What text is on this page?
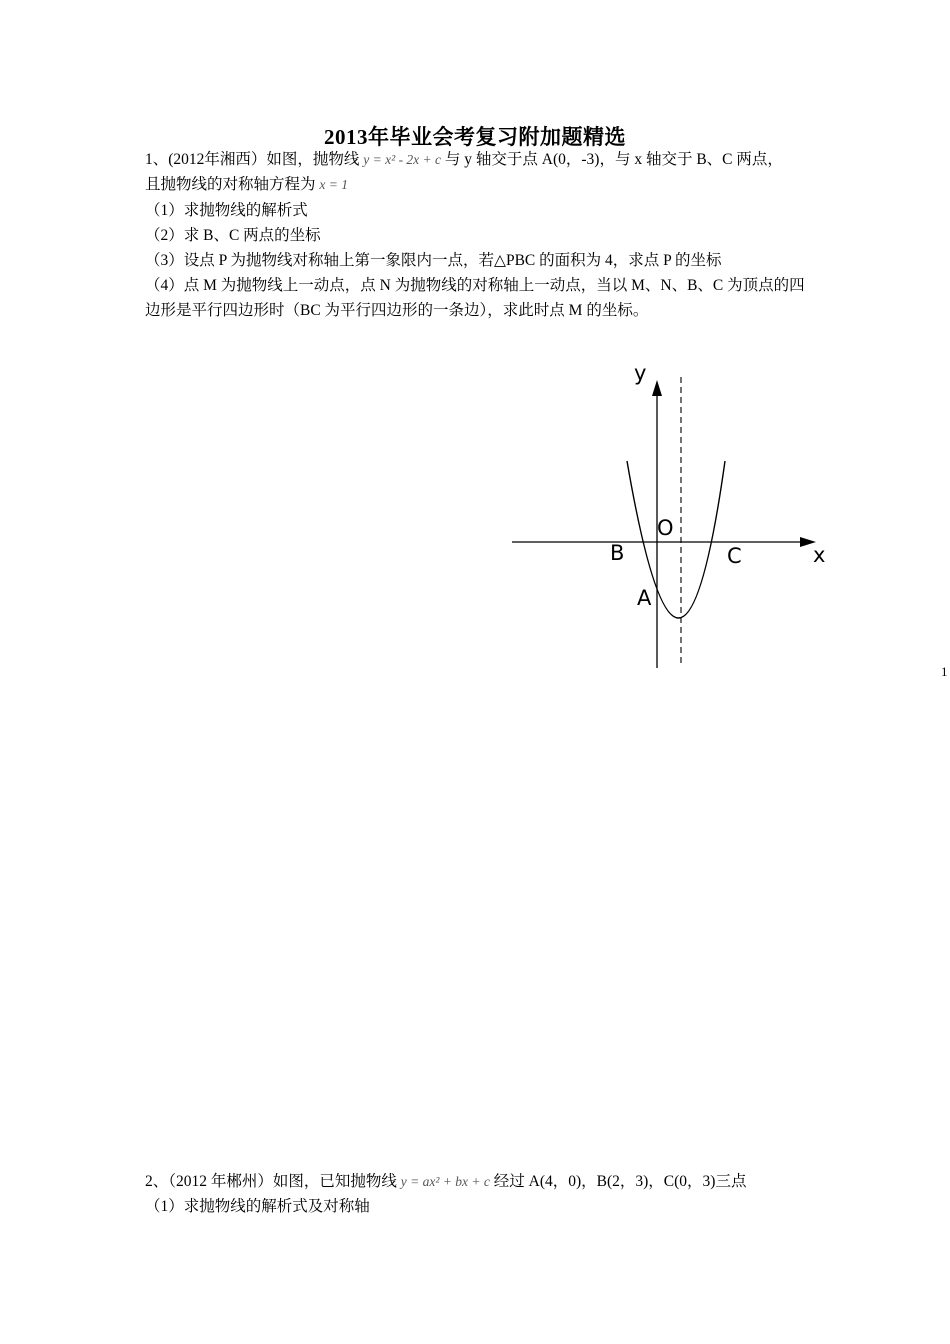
2013年毕业会考复习附加题精选
1、(2012年湘西）如图，抛物线 y = x² - 2x + c 与 y 轴交于点 A(0，-3)，与 x 轴交于 B、C 两点，
且抛物线的对称轴方程为 x = 1
（1）求抛物线的解析式
（2）求 B、C 两点的坐标
（3）设点 P 为抛物线对称轴上第一象限内一点，若△PBC 的面积为 4，求点 P 的坐标
（4）点 M 为抛物线上一动点，点 N 为抛物线的对称轴上一动点，当以 M、N、B、C 为顶点的四
边形是平行四边形时（BC 为平行四边形的一条边），求此时点 M 的坐标。
y
x
O
B	C
A
1
2、（2012 年郴州）如图，已知抛物线 y = ax² + bx + c 经过 A(4，0)，B(2，3)，C(0，3)三点
（1）求抛物线的解析式及对称轴
